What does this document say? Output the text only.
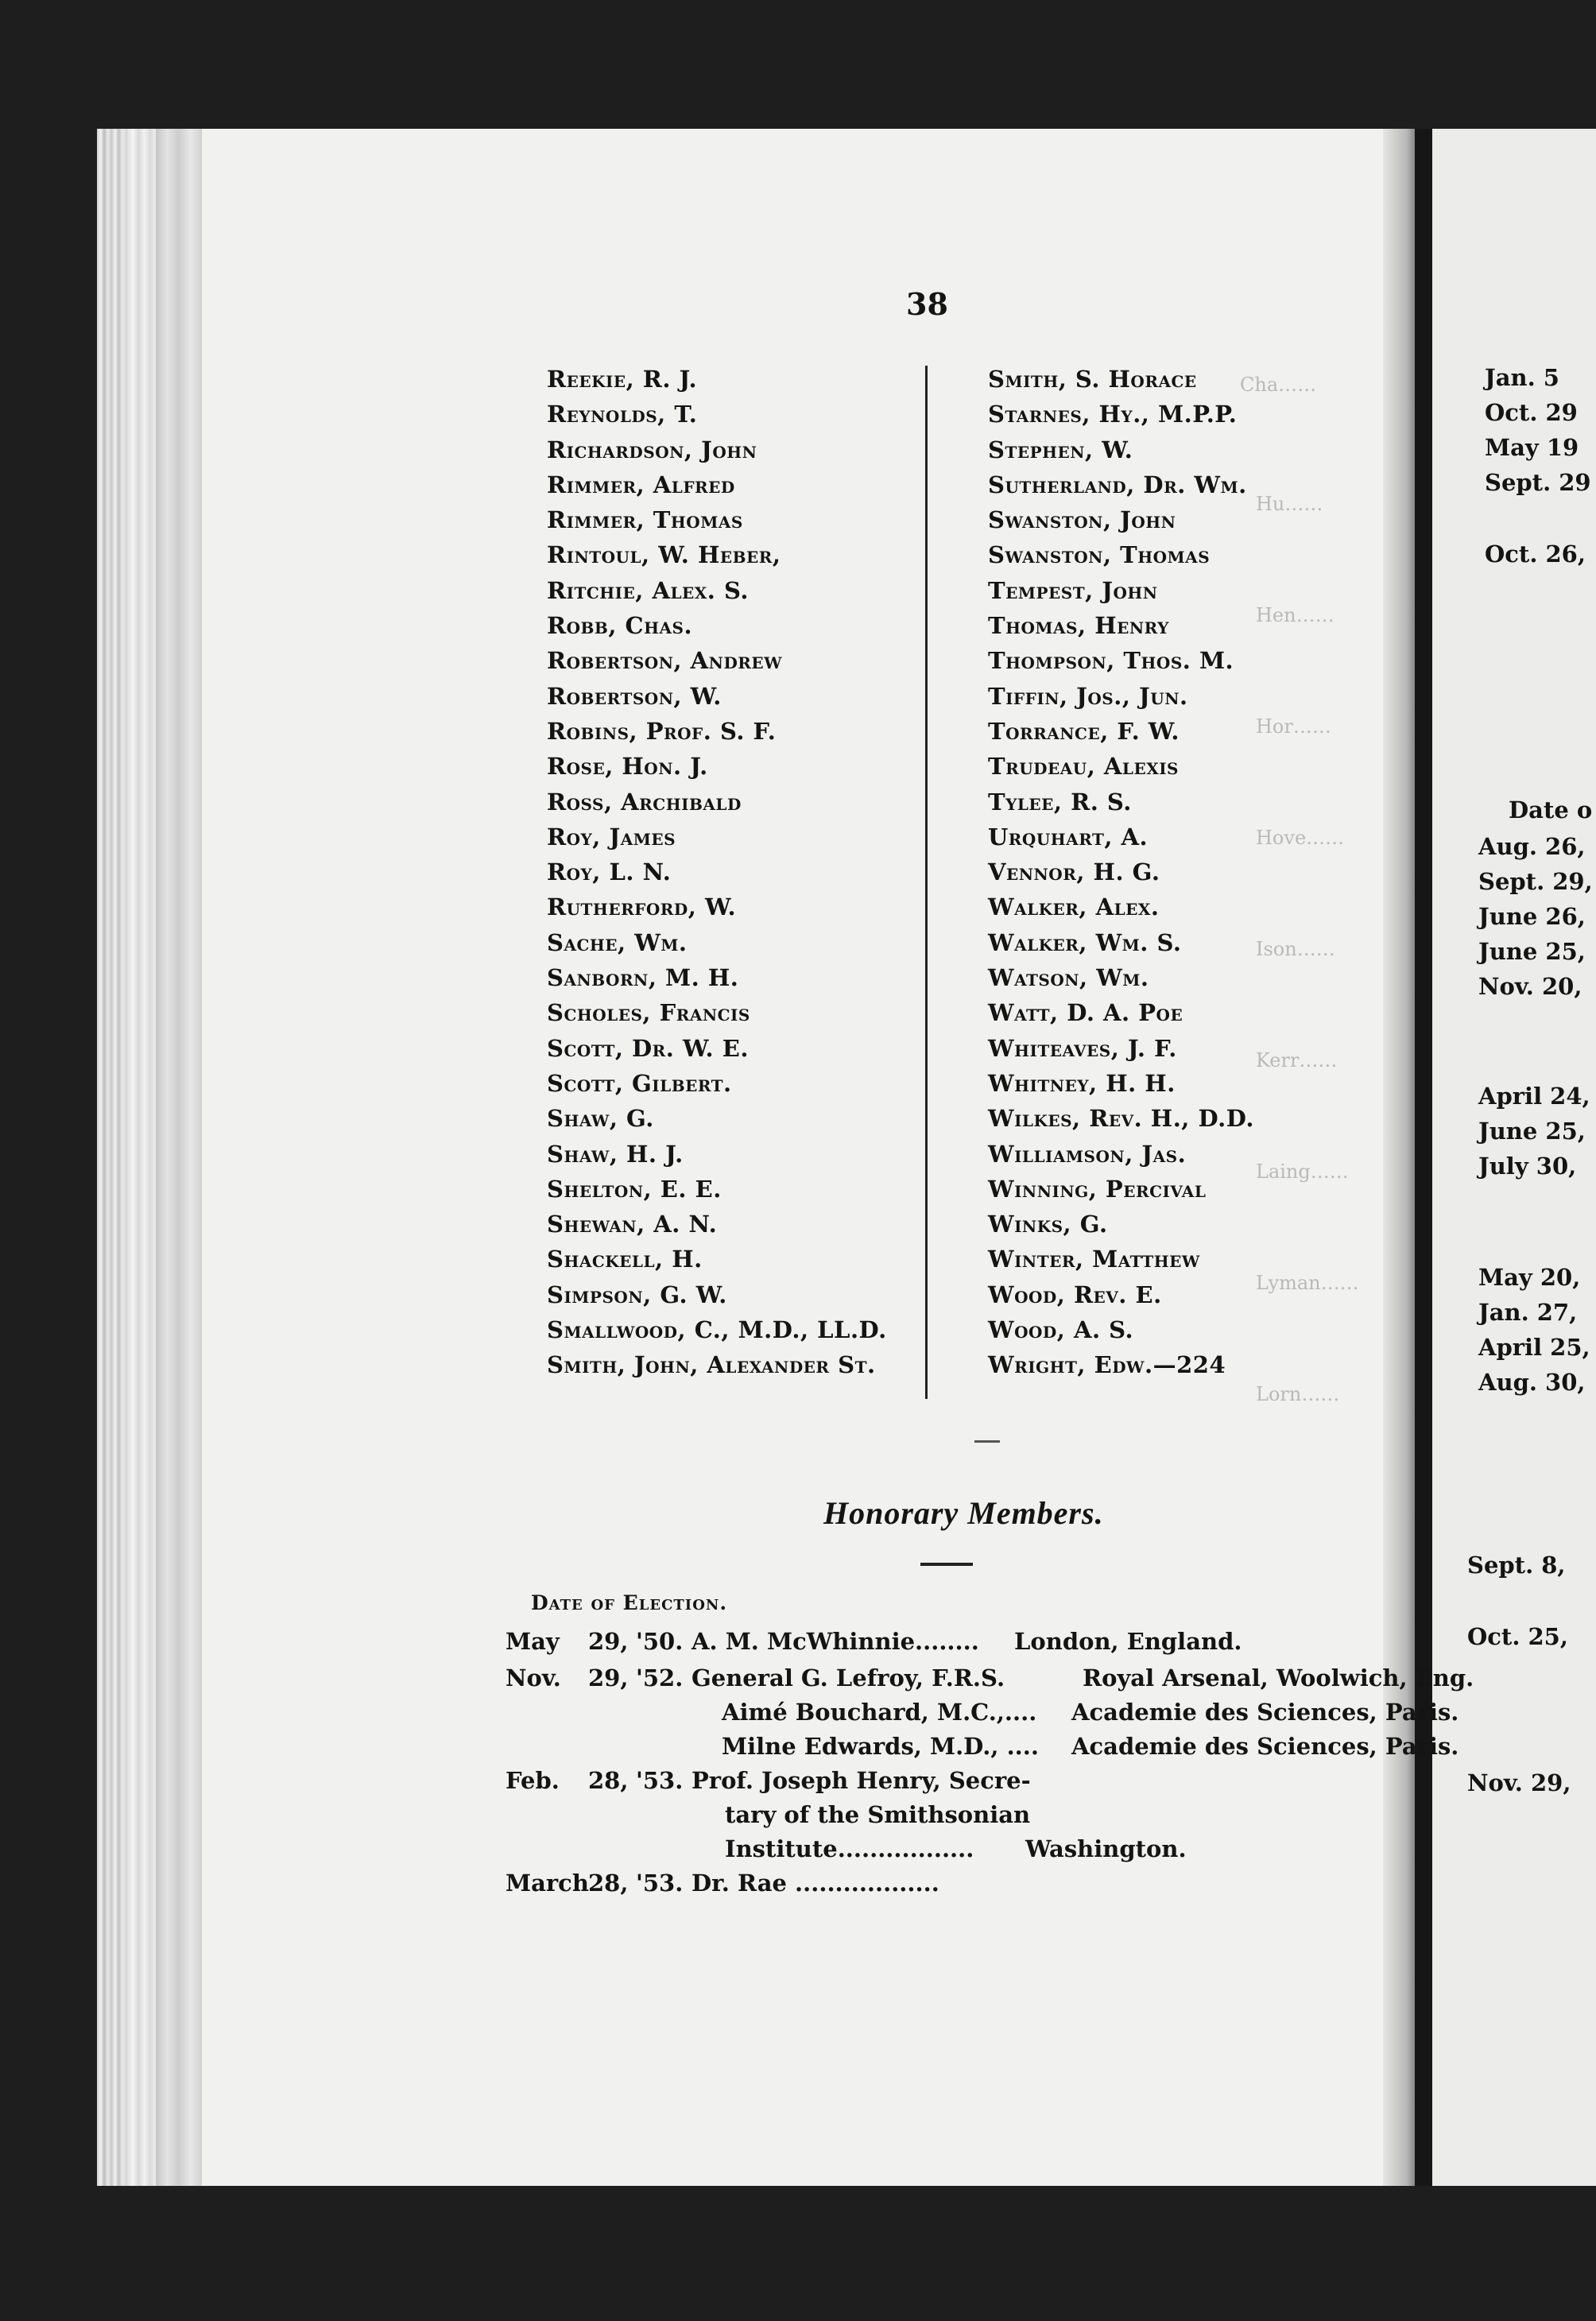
Cha……
Hu……
Hen……
Hor……
Hove……
Ison……
Kerr……
Laing……
Lyman……
Lorn……
38
Reekie, R. J.
Reynolds, T.
Richardson, John
Rimmer, Alfred
Rimmer, Thomas
Rintoul, W. Heber,
Ritchie, Alex. S.
Robb, Chas.
Robertson, Andrew
Robertson, W.
Robins, Prof. S. F.
Rose, Hon. J.
Ross, Archibald
Roy, James
Roy, L. N.
Rutherford, W.
Sache, Wm.
Sanborn, M. H.
Scholes, Francis
Scott, Dr. W. E.
Scott, Gilbert.
Shaw, G.
Shaw, H. J.
Shelton, E. E.
Shewan, A. N.
Shackell, H.
Simpson, G. W.
Smallwood, C., M.D., LL.D.
Smith, John, Alexander St.
Smith, S. Horace
Starnes, Hy., M.P.P.
Stephen, W.
Sutherland, Dr. Wm.
Swanston, John
Swanston, Thomas
Tempest, John
Thomas, Henry
Thompson, Thos. M.
Tiffin, Jos., Jun.
Torrance, F. W.
Trudeau, Alexis
Tylee, R. S.
Urquhart, A.
Vennor, H. G.
Walker, Alex.
Walker, Wm. S.
Watson, Wm.
Watt, D. A. Poe
Whiteaves, J. F.
Whitney, H. H.
Wilkes, Rev. H., D.D.
Williamson, Jas.
Winning, Percival
Winks, G.
Winter, Matthew
Wood, Rev. E.
Wood, A. S.
Wright, Edw.—224
Honorary Members.
Date of Election.
May 29, '50. A. M. McWhinnie........ London, England.
Nov. 29, '52. General G. Lefroy, F.R.S.	Royal Arsenal, Woolwich, Eng.
Aimé Bouchard, M.C.,.... Academie des Sciences, Paris.
Milne Edwards, M.D., .... Academie des Sciences, Paris.
Feb. 28, '53. Prof. Joseph Henry, Secre-
tary of the Smithsonian
Institute................. Washington.
March 28, '53. Dr. Rae ..................
Jan. 5
Oct. 29
May 19
Sept. 29
Oct. 26,
Date o
Aug. 26,
Sept. 29,
June 26,
June 25,
Nov. 20,
April 24,
June 25,
July 30,
May 20,
Jan. 27,
April 25,
Aug. 30,
Sept. 8,
Oct. 25,
Nov. 29,
